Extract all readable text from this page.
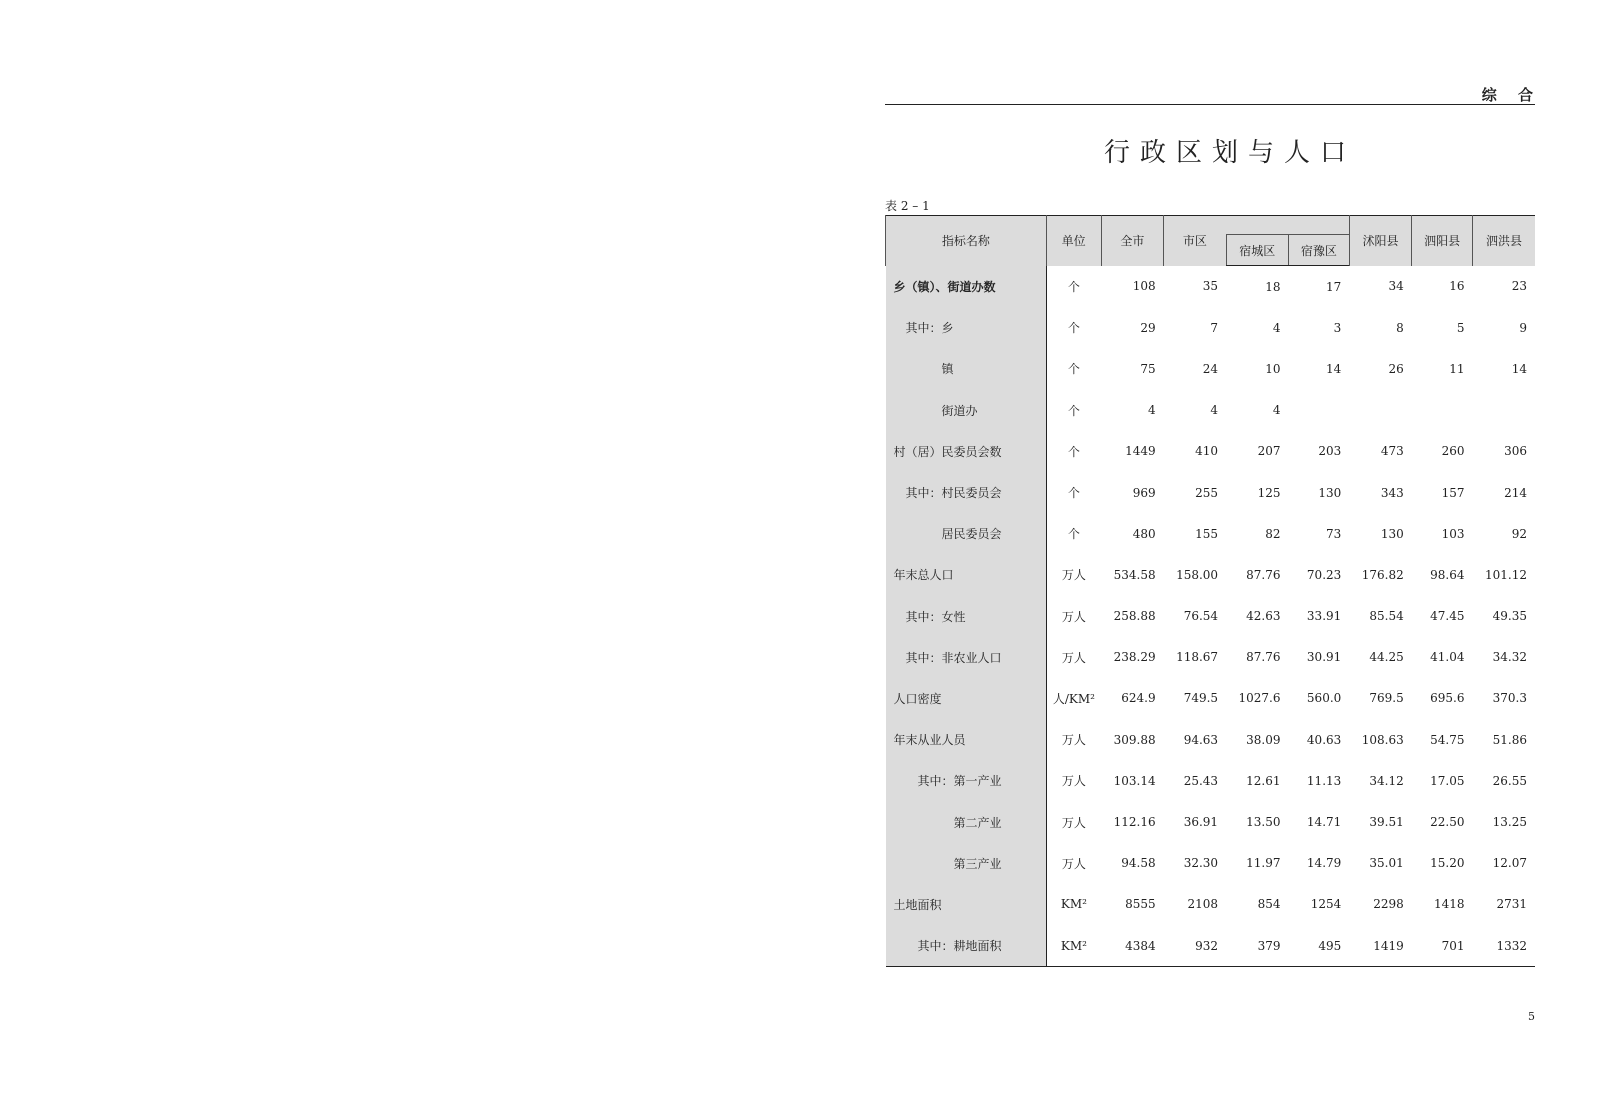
综 合
行政区划与人口
表 2 – 1
指标名称	单位	全市	市区			沭阳县	泗阳县	泗洪县
				宿城区	宿豫区			
乡（镇）、街道办数	个	108	35	18	17	34	16	23
其中：乡	个	29	7	4	3	8	5	9
镇	个	75	24	10	14	26	11	14
街道办	个	4	4	4				
村（居）民委员会数	个	1449	410	207	203	473	260	306
其中：村民委员会	个	969	255	125	130	343	157	214
居民委员会	个	480	155	82	73	130	103	92
年末总人口	万人	534.58	158.00	87.76	70.23	176.82	98.64	101.12
其中：女性	万人	258.88	76.54	42.63	33.91	85.54	47.45	49.35
其中：非农业人口	万人	238.29	118.67	87.76	30.91	44.25	41.04	34.32
人口密度	人/KM²	624.9	749.5	1027.6	560.0	769.5	695.6	370.3
年末从业人员	万人	309.88	94.63	38.09	40.63	108.63	54.75	51.86
其中：第一产业	万人	103.14	25.43	12.61	11.13	34.12	17.05	26.55
第二产业	万人	112.16	36.91	13.50	14.71	39.51	22.50	13.25
第三产业	万人	94.58	32.30	11.97	14.79	35.01	15.20	12.07
土地面积	KM²	8555	2108	854	1254	2298	1418	2731
其中：耕地面积	KM²	4384	932	379	495	1419	701	1332
5
